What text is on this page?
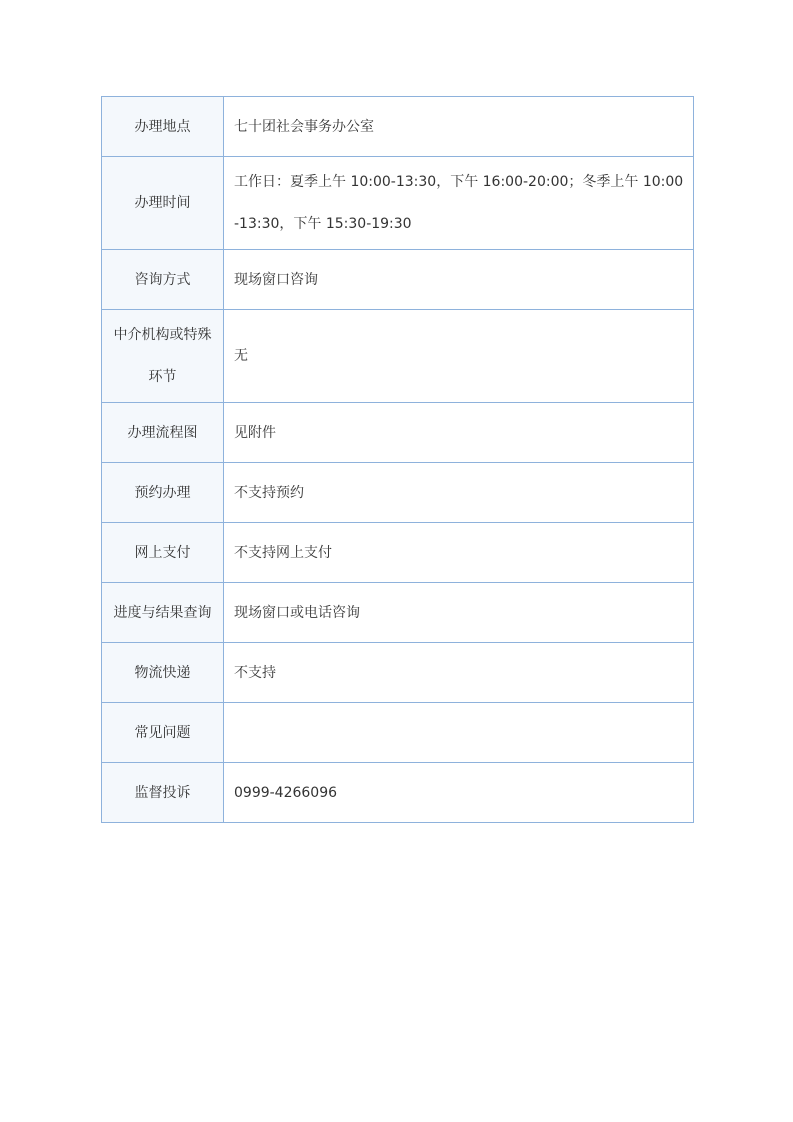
办理地点	七十团社会事务办公室
办理时间	工作日：夏季上午 10:00-13:30，下午 16:00-20:00；冬季上午 10:00-13:30，下午 15:30-19:30
咨询方式	现场窗口咨询
中介机构或特殊环节	无
办理流程图	见附件
预约办理	不支持预约
网上支付	不支持网上支付
进度与结果查询	现场窗口或电话咨询
物流快递	不支持
常见问题	
监督投诉	0999-4266096
